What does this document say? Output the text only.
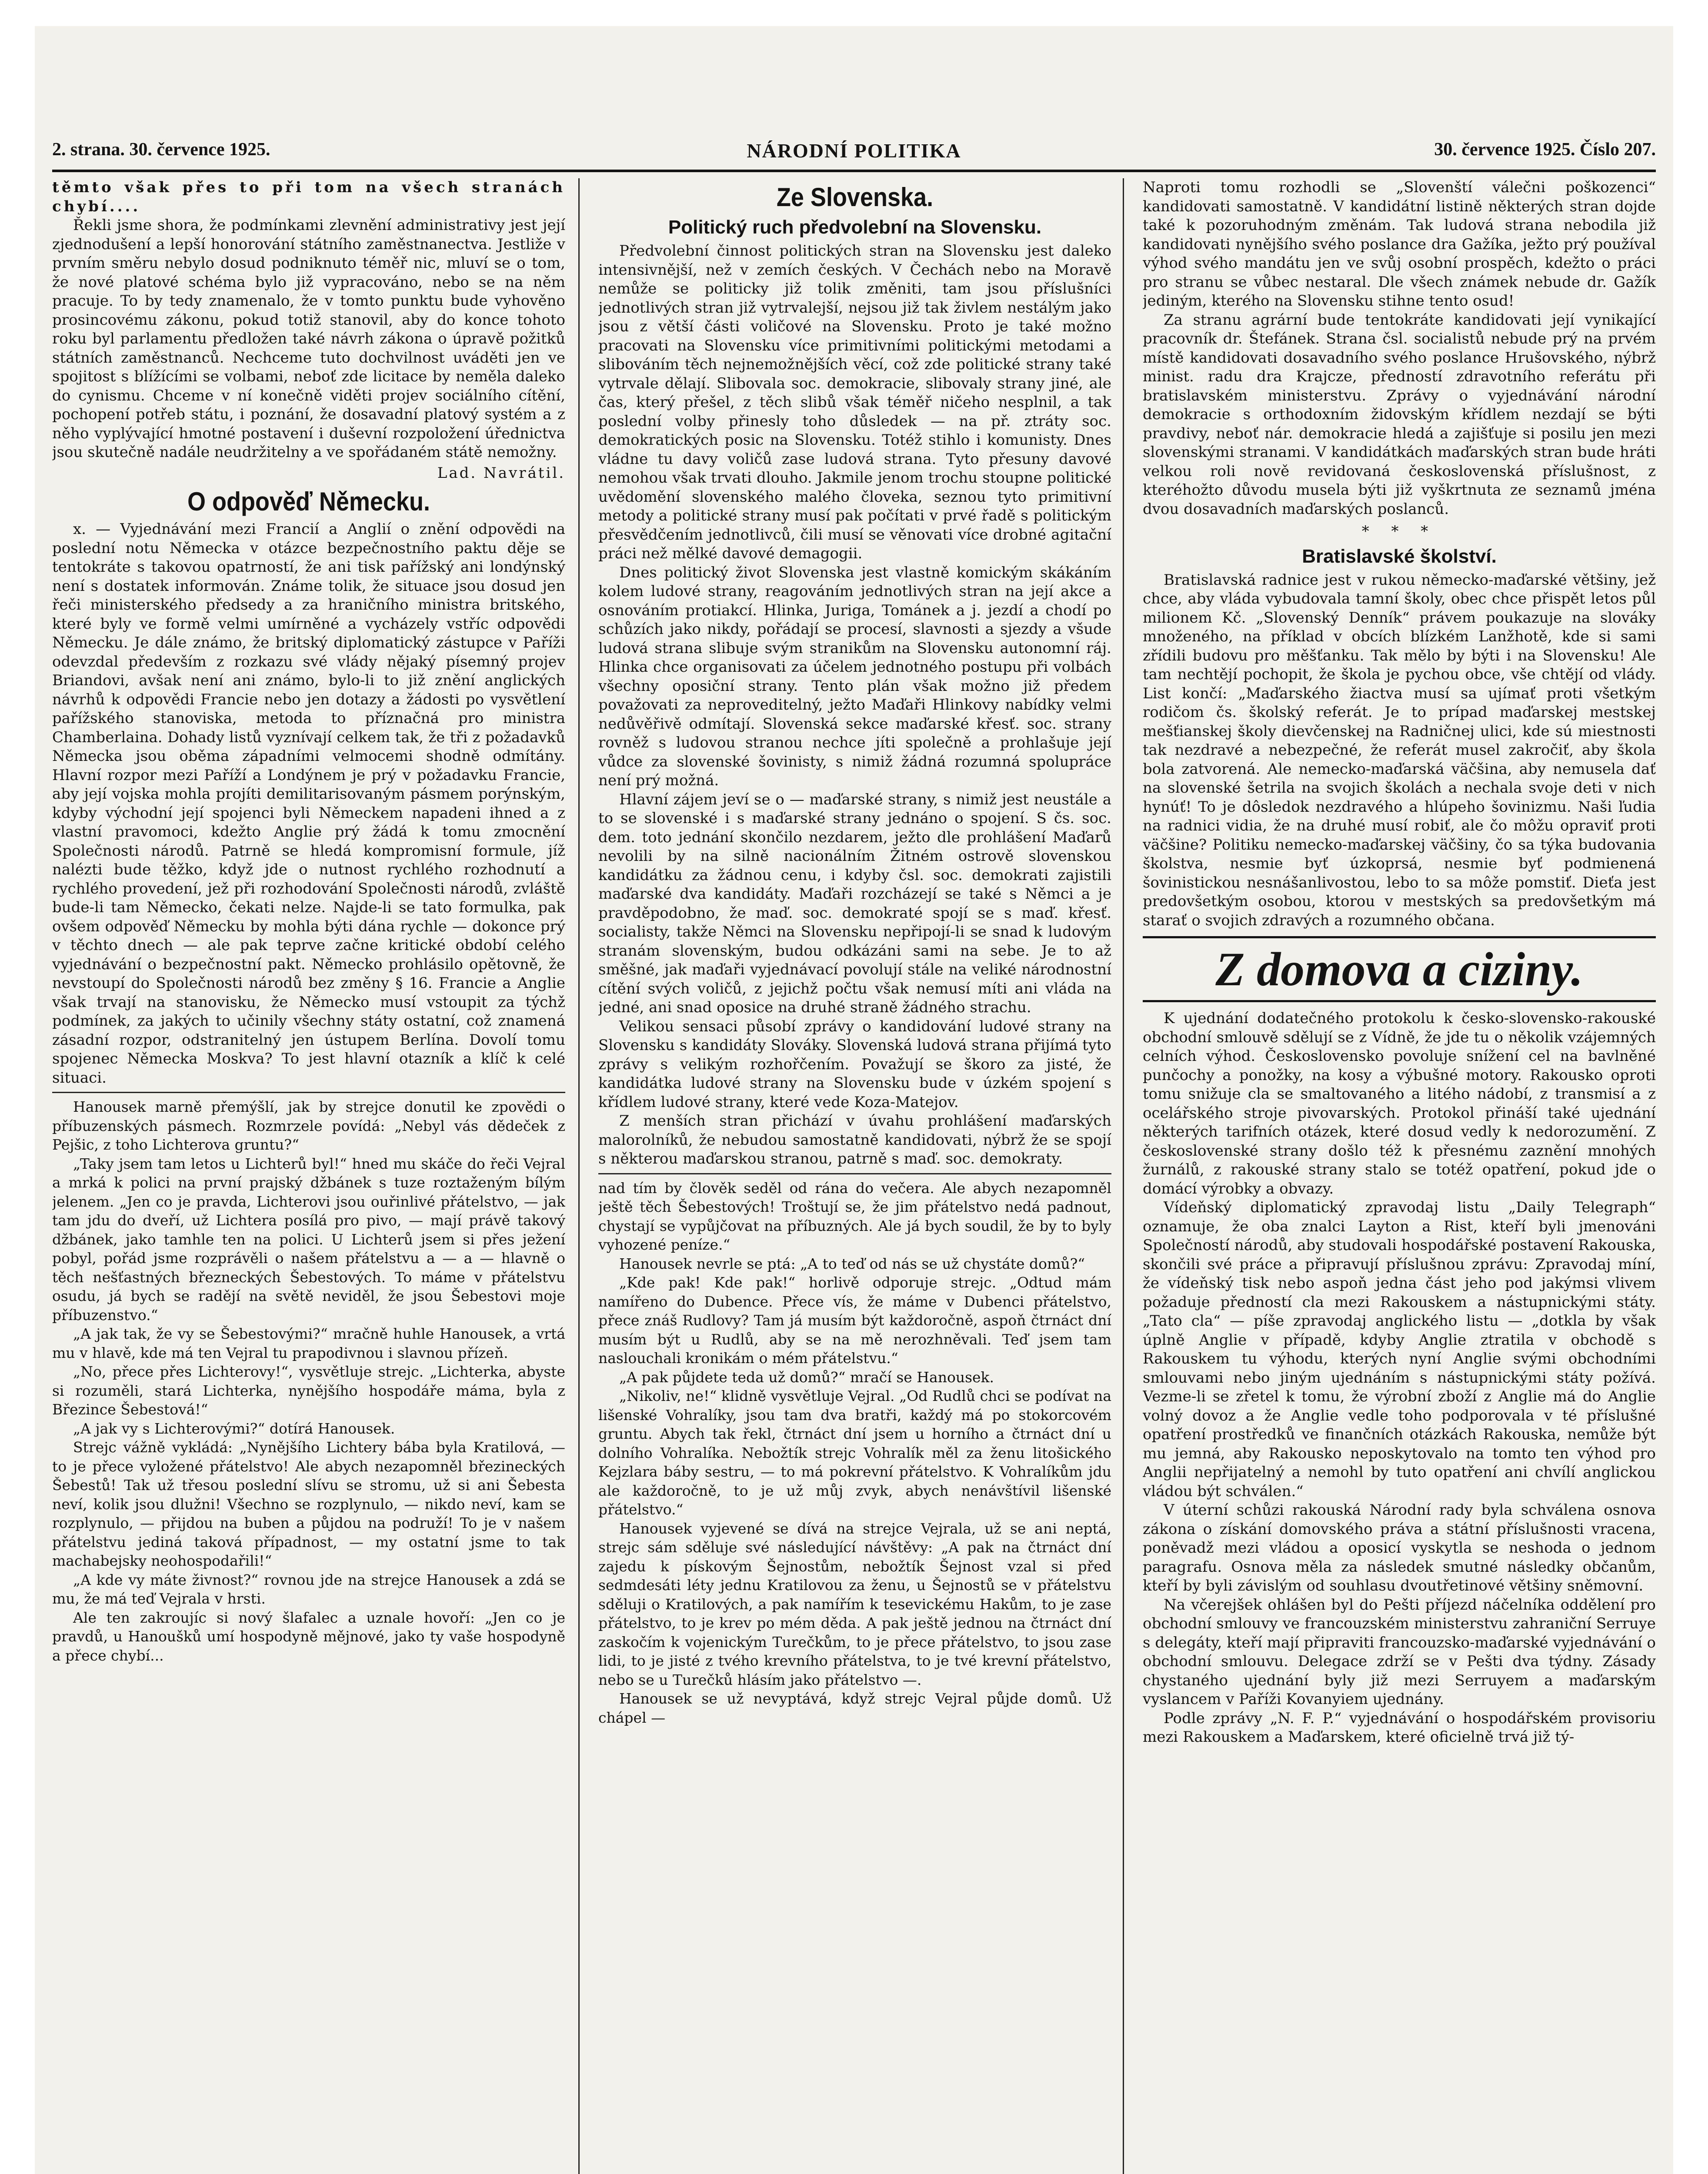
2. strana. 30. července 1925.	NÁRODNÍ POLITIKA	30. července 1925. Číslo 207.

těmto však přes to při tom na všech stranách chybí....

Řekli jsme shora, že podmínkami zlevnění administrativy jest její zjednodušení a lepší honorování státního zaměstnanectva. Jestliže v prvním směru nebylo dosud podniknuto téměř nic, mluví se o tom, že nové platové schéma bylo již vypracováno, nebo se na něm pracuje. To by tedy znamenalo, že v tomto punktu bude vyhověno prosincovému zákonu, pokud totiž stanovil, aby do konce tohoto roku byl parlamentu předložen také návrh zákona o úpravě požitků státních zaměstnanců. Nechceme tuto dochvilnost uváděti jen ve spojitost s blížícími se volbami, neboť zde licitace by neměla daleko do cynismu. Chceme v ní konečně viděti projev sociálního cítění, pochopení potřeb státu, i poznání, že dosavadní platový systém a z něho vyplývající hmotné postavení i duševní rozpoložení úřednictva jsou skutečně nadále neudržitelny a ve spořádaném státě nemožny.

Lad. Navrátil.
O odpověď Německu.

x. — Vyjednávání mezi Francií a Anglií o znění odpovědi na poslední notu Německa v otázce bezpečnostního paktu děje se tentokráte s takovou opatrností, že ani tisk pařížský ani londýnský není s dostatek informován. Známe tolik, že situace jsou dosud jen řeči ministerského předsedy a za hraničního ministra britského, které byly ve formě velmi umírněné a vycházely vstříc odpovědi Německu. Je dále známo, že britský diplomatický zástupce v Paříži odevzdal především z rozkazu své vlády nějaký písemný projev Briandovi, avšak není ani známo, bylo-li to již znění anglických návrhů k odpovědi Francie nebo jen dotazy a žádosti po vysvětlení pařížského stanoviska, metoda to příznačná pro ministra Chamberlaina. Dohady listů vyznívají celkem tak, že tři z požadavků Německa jsou oběma západními velmocemi shodně odmítány. Hlavní rozpor mezi Paříží a Londýnem je prý v požadavku Francie, aby její vojska mohla projíti demilitarisovaným pásmem porýnským, kdyby východní její spojenci byli Německem napadeni ihned a z vlastní pravomoci, kdežto Anglie prý žádá k tomu zmocnění Společnosti národů. Patrně se hledá kompromisní formule, jíž nalézti bude těžko, když jde o nutnost rychlého rozhodnutí a rychlého provedení, jež při rozhodování Společnosti národů, zvláště bude-li tam Německo, čekati nelze. Najde-li se tato formulka, pak ovšem odpověď Německu by mohla býti dána rychle — dokonce prý v těchto dnech — ale pak teprve začne kritické období celého vyjednávání o bezpečnostní pakt. Německo prohlásilo opětovně, že nevstoupí do Společnosti národů bez změny § 16. Francie a Anglie však trvají na stanovisku, že Německo musí vstoupit za týchž podmínek, za jakých to učinily všechny státy ostatní, což znamená zásadní rozpor, odstranitelný jen ústupem Berlína. Dovolí tomu spojenec Německa Moskva? To jest hlavní otazník a klíč k celé situaci.

Hanousek marně přemýšlí, jak by strejce donutil ke zpovědi o příbuzenských pásmech. Rozmrzele povídá: „Nebyl vás dědeček z Pejšic, z toho Lichterova gruntu?“

„Taky jsem tam letos u Lichterů byl!“ hned mu skáče do řeči Vejral a mrká k polici na první prajský džbánek s tuze roztaženým bílým jelenem. „Jen co je pravda, Lichterovi jsou ouřinlivé přátelstvo, — jak tam jdu do dveří, už Lichtera posílá pro pivo, — mají právě takový džbánek, jako tamhle ten na polici. U Lichterů jsem si přes ježení pobyl, pořád jsme rozprávěli o našem přátelstvu a — a — hlavně o těch nešťastných březneckých Šebestových. To máme v přátelstvu osudu, já bych se radějí na světě neviděl, že jsou Šebestovi moje příbuzenstvo.“

„A jak tak, že vy se Šebestovými?“ mračně huhle Hanousek, a vrtá mu v hlavě, kde má ten Vejral tu prapodivnou i slavnou přízeň.

„No, přece přes Lichterovy!“, vysvětluje strejc. „Lichterka, abyste si rozuměli, stará Lichterka, nynějšího hospodáře máma, byla z Březince Šebestová!“

„A jak vy s Lichterovými?“ dotírá Hanousek.

Strejc vážně vykládá: „Nynějšího Lichtery bába byla Kratilová, — to je přece vyložené přátelstvo! Ale abych nezapomněl březineckých Šebestů! Tak už třesou poslední slívu se stromu, už si ani Šebesta neví, kolik jsou dlužni! Všechno se rozplynulo, — nikdo neví, kam se rozplynulo, — přijdou na buben a půjdou na podruží! To je v našem přátelstvu jediná taková případnost, — my ostatní jsme to tak machabejsky neohospodařili!“

„A kde vy máte živnost?“ rovnou jde na strejce Hanousek a zdá se mu, že má teď Vejrala v hrsti.

Ale ten zakroujíc si nový šlafalec a uznale hovoří: „Jen co je pravdů, u Hanoušků umí hospodyně mějnové, jako ty vaše hospodyně a přece chybí...

Ze Slovenska.
Politický ruch předvolební na Slovensku.

Předvolební činnost politických stran na Slovensku jest daleko intensivnější, než v zemích českých. V Čechách nebo na Moravě nemůže se politicky již tolik změniti, tam jsou příslušníci jednotlivých stran již vytrvalejší, nejsou již tak živlem nestálým jako jsou z větší části voličové na Slovensku. Proto je také možno pracovati na Slovensku více primitivními politickými metodami a slibováním těch nejnemožnějších věcí, což zde politické strany také vytrvale dělají. Slibovala soc. demokracie, slibovaly strany jiné, ale čas, který přešel, z těch slibů však téměř ničeho nesplnil, a tak poslední volby přinesly toho důsledek — na př. ztráty soc. demokratických posic na Slovensku. Totéž stihlo i komunisty. Dnes vládne tu davy voličů zase ludová strana. Tyto přesuny davové nemohou však trvati dlouho. Jakmile jenom trochu stoupne politické uvědomění slovenského malého človeka, seznou tyto primitivní metody a politické strany musí pak počítati v prvé řadě s politickým přesvědčením jednotlivců, čili musí se věnovati více drobné agitační práci než mělké davové demagogii.

Dnes politický život Slovenska jest vlastně komickým skákáním kolem ludové strany, reagováním jednotlivých stran na její akce a osnováním protiakcí. Hlinka, Juriga, Tománek a j. jezdí a chodí po schůzích jako nikdy, pořádají se procesí, slavnosti a sjezdy a všude ludová strana slibuje svým stranikům na Slovensku autonomní ráj. Hlinka chce organisovati za účelem jednotného postupu při volbách všechny oposiční strany. Tento plán však možno již předem považovati za neproveditelný, ježto Maďaři Hlinkovy nabídky velmi nedůvěřivě odmítají. Slovenská sekce maďarské křesť. soc. strany rovněž s ludovou stranou nechce jíti společně a prohlašuje její vůdce za slovenské šovinisty, s nimiž žádná rozumná spolupráce není prý možná.

Hlavní zájem jeví se o — maďarské strany, s nimiž jest neustále a to se slovenské i s maďarské strany jednáno o spojení. S čs. soc. dem. toto jednání skončilo nezdarem, ježto dle prohlášení Maďarů nevolili by na silně nacionálním Žitném ostrově slovenskou kandidátku za žádnou cenu, i kdyby čsl. soc. demokrati zajistili maďarské dva kandidáty. Maďaři rozcházejí se také s Němci a je pravděpodobno, že maď. soc. demokraté spojí se s maď. křesť. socialisty, takže Němci na Slovensku nepřipojí-li se snad k ludovým stranám slovenským, budou odkázáni sami na sebe. Je to až směšné, jak maďaři vyjednávací povolují stále na veliké národnostní cítění svých voličů, z jejichž počtu však nemusí míti ani vláda na jedné, ani snad oposice na druhé straně žádného strachu.

Velikou sensaci působí zprávy o kandidování ludové strany na Slovensku s kandidáty Slováky. Slovenská ludová strana přijímá tyto zprávy s velikým rozhořčením. Považují se škoro za jisté, že kandidátka ludové strany na Slovensku bude v úzkém spojení s křídlem ludové strany, které vede Koza-Matejov.

Z menších stran přichází v úvahu prohlášení maďarských malorolníků, že nebudou samostatně kandidovati, nýbrž že se spojí s některou maďarskou stranou, patrně s maď. soc. demokraty.

nad tím by člověk seděl od rána do večera. Ale abych nezapomněl ještě těch Šebestových! Troštují se, že jim přátelstvo nedá padnout, chystají se vypůjčovat na příbuzných. Ale já bych soudil, že by to byly vyhozené peníze.“

Hanousek nevrle se ptá: „A to teď od nás se už chystáte domů?“

„Kde pak! Kde pak!“ horlivě odporuje strejc. „Odtud mám namířeno do Dubence. Přece vís, že máme v Dubenci přátelstvo, přece znáš Rudlovy? Tam já musím být každoročně, aspoň čtrnáct dní musím být u Rudlů, aby se na mě nerozhněvali. Teď jsem tam naslouchali kronikám o mém přátelstvu.“

„A pak půjdete teda už domů?“ mračí se Hanousek.

„Nikoliv, ne!“ klidně vysvětluje Vejral. „Od Rudlů chci se podívat na lišenské Vohralíky, jsou tam dva bratři, každý má po stokorcovém gruntu. Abych tak řekl, čtrnáct dní jsem u horního a čtrnáct dní u dolního Vohralíka. Nebožtík strejc Vohralík měl za ženu litošického Kejzlara báby sestru, — to má pokrevní přátelstvo. K Vohralíkům jdu ale každoročně, to je už můj zvyk, abych nenávštívil lišenské přátelstvo.“

Hanousek vyjevené se dívá na strejce Vejrala, už se ani neptá, strejc sám sděluje své následující návštěvy: „A pak na čtrnáct dní zajedu k pískovým Šejnostům, nebožtík Šejnost vzal si před sedmdesáti léty jednu Kratilovou za ženu, u Šejnostů se v přátelstvu sděluji o Kratilových, a pak namířím k tesevickému Hakům, to je zase přátelstvo, to je krev po mém děda. A pak ještě jednou na čtrnáct dní zaskočím k vojenickým Turečkům, to je přece přátelstvo, to jsou zase lidi, to je jisté z tvého krevního přátelstva, to je tvé krevní přátelstvo, nebo se u Turečků hlásím jako přátelstvo —.

Hanousek se už nevyptává, když strejc Vejral půjde domů. Už chápel —

Naproti tomu rozhodli se „Slovenští válečni poškozenci“ kandidovati samostatně. V kandidátní listině některých stran dojde také k pozoruhodným změnám. Tak ludová strana nebodila již kandidovati nynějšího svého poslance dra Gažíka, ježto prý používal výhod svého mandátu jen ve svůj osobní prospěch, kdežto o práci pro stranu se vůbec nestaral. Dle všech známek nebude dr. Gažík jediným, kterého na Slovensku stihne tento osud!

Za stranu agrární bude tentokráte kandidovati její vynikající pracovník dr. Štefánek. Strana čsl. socialistů nebude prý na prvém místě kandidovati dosavadního svého poslance Hrušovského, nýbrž minist. radu dra Krajcze, předností zdravotního referátu při bratislavském ministerstvu. Zprávy o vyjednávání národní demokracie s orthodoxním židovským křídlem nezdají se býti pravdivy, neboť nár. demokracie hledá a zajišťuje si posilu jen mezi slovenskými stranami. V kandidátkách maďarských stran bude hráti velkou roli nově revidovaná československá příslušnost, z kteréhožto důvodu musela býti již vyškrtnuta ze seznamů jména dvou dosavadních maďarských poslanců.

* * *
Bratislavské školství.

Bratislavská radnice jest v rukou německo-maďarské většiny, jež chce, aby vláda vybudovala tamní školy, obec chce přispět letos půl milionem Kč. „Slovenský Denník“ právem poukazuje na slováky množeného, na příklad v obcích blízkém Lanžhotě, kde si sami zřídili budovu pro měšťanku. Tak mělo by býti i na Slovensku! Ale tam nechtějí pochopit, že škola je pychou obce, vše chtějí od vlády. List končí: „Maďarského žiactva musí sa ujímať proti všetkým rodičom čs. školský referát. Je to prípad maďarskej mestskej mešťianskej školy dievčenskej na Radničnej ulici, kde sú miestnosti tak nezdravé a nebezpečné, že referát musel zakročiť, aby škola bola zatvorená. Ale nemecko-maďarská väčšina, aby nemusela dať na slovenské šetrila na svojich školách a nechala svoje deti v nich hynúť! To je dôsledok nezdravého a hlúpeho šovinizmu. Naši ľudia na radnici vidia, že na druhé musí robiť, ale čo môžu opraviť proti väčšine? Politiku nemecko-maďarskej väčšiny, čo sa týka budovania školstva, nesmie byť úzkoprsá, nesmie byť podmienená šovinistickou nesnášanlivostou, lebo to sa môže pomstiť. Dieťa jest predovšetkým osobou, ktorou v mestských sa predovšetkým má starať o svojich zdravých a rozumného občana.

Z domova a ciziny.

K ujednání dodatečného protokolu k česko-slovensko-rakouské obchodní smlouvě sdělují se z Vídně, že jde tu o několik vzájemných celních výhod. Československo povoluje snížení cel na bavlněné punčochy a ponožky, na kosy a výbušné motory. Rakousko oproti tomu snižuje cla se smaltovaného a litého nádobí, z transmisí a z ocelářského stroje pivovarských. Protokol přináší také ujednání některých tarifních otázek, které dosud vedly k nedorozumění. Z československé strany došlo též k přesnému zaznění mnohých žurnálů, z rakouské strany stalo se totéž opatření, pokud jde o domácí výrobky a obvazy.

Vídeňský diplomatický zpravodaj listu „Daily Telegraph“ oznamuje, že oba znalci Layton a Rist, kteří byli jmenováni Společností národů, aby studovali hospodářské postavení Rakouska, skončili své práce a připravují příslušnou zprávu: Zpravodaj míní, že vídeňský tisk nebo aspoň jedna část jeho pod jakýmsi vlivem požaduje předností cla mezi Rakouskem a nástupnickými státy. „Tato cla“ — píše zpravodaj anglického listu — „dotkla by však úplně Anglie v případě, kdyby Anglie ztratila v obchodě s Rakouskem tu výhodu, kterých nyní Anglie svými obchodními smlouvami nebo jiným ujednáním s nástupnickými státy požívá. Vezme-li se zřetel k tomu, že výrobní zboží z Anglie má do Anglie volný dovoz a že Anglie vedle toho podporovala v té příslušné opatření prostředků ve finančních otázkách Rakouska, nemůže být mu jemná, aby Rakousko neposkytovalo na tomto ten výhod pro Anglii nepřijatelný a nemohl by tuto opatření ani chvílí anglickou vládou být schválen.“

V úterní schůzi rakouská Národní rady byla schválena osnova zákona o získání domovského práva a státní příslušnosti vracena, poněvadž mezi vládou a oposicí vyskytla se neshoda o jednom paragrafu. Osnova měla za následek smutné následky občanům, kteří by byli závislým od souhlasu dvoutřetinové většiny sněmovní.

Na včerejšek ohlášen byl do Pešti příjezd náčelníka oddělení pro obchodní smlouvy ve francouzském ministerstvu zahraniční Serruye s delegáty, kteří mají připraviti francouzsko-maďarské vyjednávání o obchodní smlouvu. Delegace zdrží se v Pešti dva týdny. Zásady chystaného ujednání byly již mezi Serruyem a maďarským vyslancem v Paříži Kovanyiem ujednány.

Podle zprávy „N. F. P.“ vyjednávání o hospodářském provisoriu mezi Rakouskem a Maďarskem, které oficielně trvá již tý-
